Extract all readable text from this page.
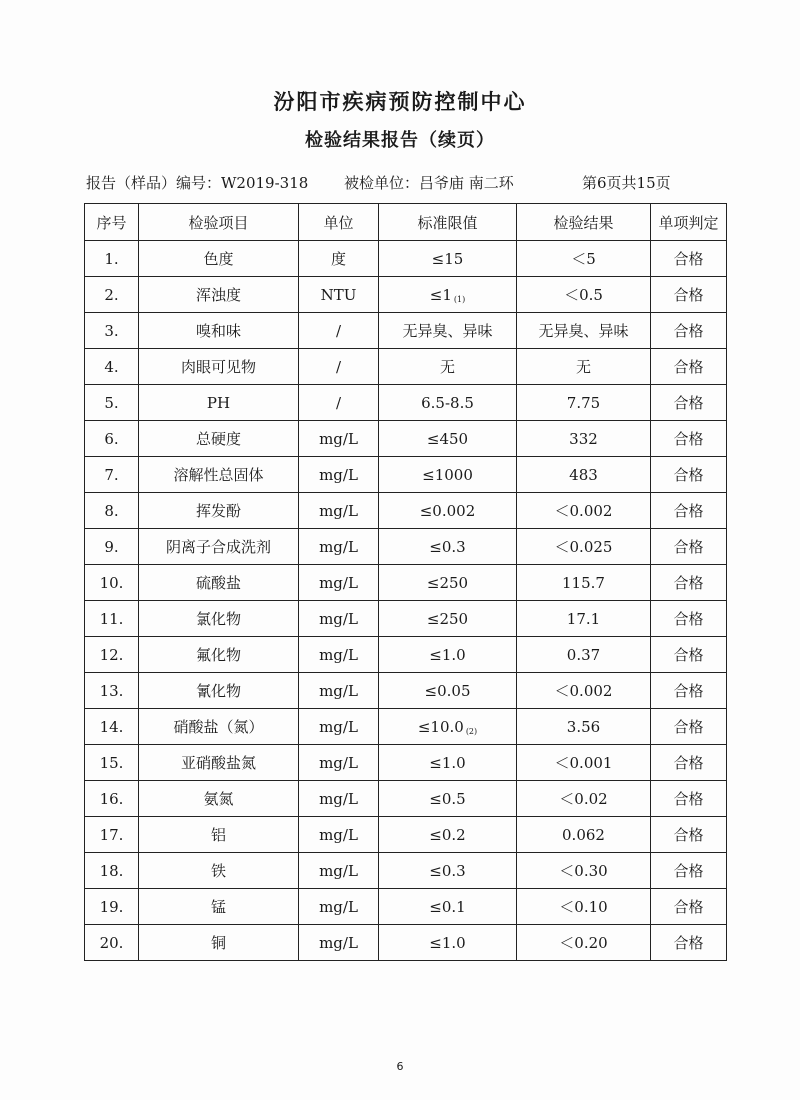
汾阳市疾病预防控制中心
检验结果报告（续页）
报告（样品）编号：W2019-318 被检单位：吕爷庙 南二环	第6页共15页
序号	检验项目	单位	标准限值	检验结果	单项判定
1.	色度	度	≤15	＜5	合格
2.	浑浊度	NTU	≤1 $_{(1)}$	＜0.5	合格
3.	嗅和味	/	无异臭、异味	无异臭、异味	合格
4.	肉眼可见物	/	无	无	合格
5.	PH	/	6.5-8.5	7.75	合格
6.	总硬度	mg/L	≤450	332	合格
7.	溶解性总固体	mg/L	≤1000	483	合格
8.	挥发酚	mg/L	≤0.002	＜0.002	合格
9.	阴离子合成洗剂	mg/L	≤0.3	＜0.025	合格
10.	硫酸盐	mg/L	≤250	115.7	合格
11.	氯化物	mg/L	≤250	17.1	合格
12.	氟化物	mg/L	≤1.0	0.37	合格
13.	氰化物	mg/L	≤0.05	＜0.002	合格
14.	硝酸盐（氮）	mg/L	≤10.0 $_{(2)}$	3.56	合格
15.	亚硝酸盐氮	mg/L	≤1.0	＜0.001	合格
16.	氨氮	mg/L	≤0.5	＜0.02	合格
17.	铝	mg/L	≤0.2	0.062	合格
18.	铁	mg/L	≤0.3	＜0.30	合格
19.	锰	mg/L	≤0.1	＜0.10	合格
20.	铜	mg/L	≤1.0	＜0.20	合格
6
